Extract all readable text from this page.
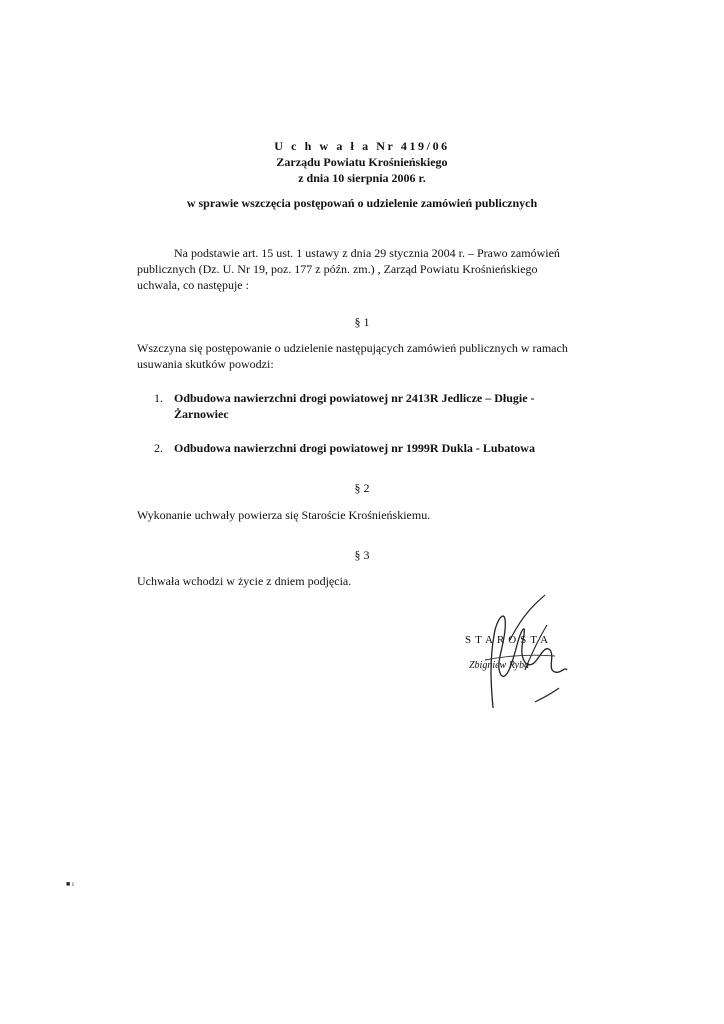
U c h w a ł a Nr 419/06
Zarządu Powiatu Krośnieńskiego
z dnia 10 sierpnia 2006 r.
w sprawie wszczęcia postępowań o udzielenie zamówień publicznych
Na podstawie art. 15 ust. 1 ustawy z dnia 29 stycznia 2004 r. – Prawo zamówień
publicznych (Dz. U. Nr 19, poz. 177 z późn. zm.) , Zarząd Powiatu Krośnieńskiego
uchwala, co następuje :
§ 1
Wszczyna się postępowanie o udzielenie następujących zamówień publicznych w ramach
usuwania skutków powodzi:
1. Odbudowa nawierzchni drogi powiatowej nr 2413R Jedlicze – Długie -
Żarnowiec
2. Odbudowa nawierzchni drogi powiatowej nr 1999R Dukla - Lubatowa
§ 2
Wykonanie uchwały powierza się Staroście Krośnieńskiemu.
§ 3
Uchwała wchodzi w życie z dniem podjęcia.
STAROSTA
Zbigniew Ryba
■ ı
